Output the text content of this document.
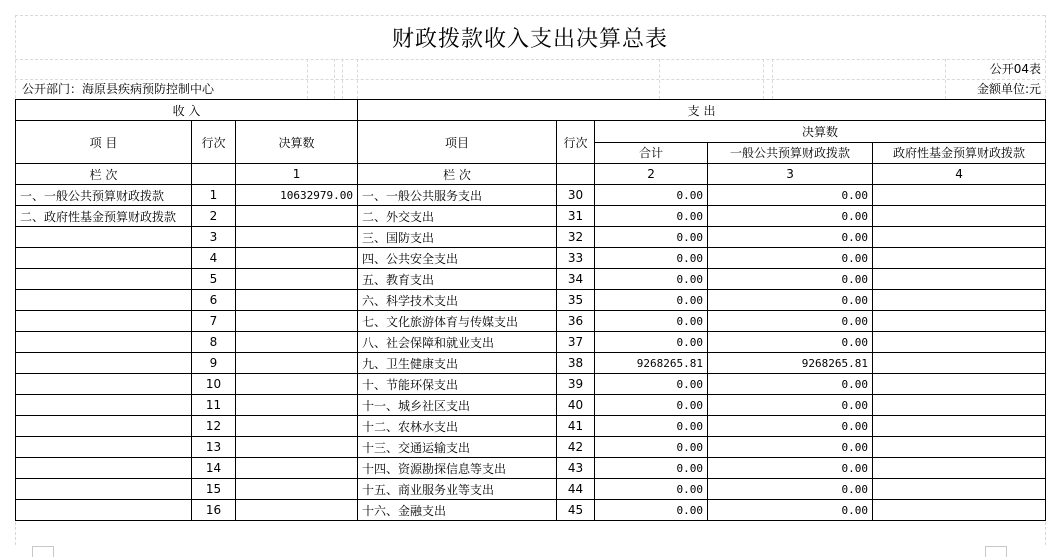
财政拨款收入支出决算总表
公开04表
公开部门：海原县疾病预防控制中心	金额单位:元
收 入			支 出				
项 目	行次	决算数	项目	行次	决算数		
					合计	一般公共预算财政拨款	政府性基金预算财政拨款
栏 次		1	栏 次		2	3	4
一、一般公共预算财政拨款	1	10632979.00	一、一般公共服务支出	30	0.00	0.00	
二、政府性基金预算财政拨款	2		二、外交支出	31	0.00	0.00	
	3		三、国防支出	32	0.00	0.00	
	4		四、公共安全支出	33	0.00	0.00	
	5		五、教育支出	34	0.00	0.00	
	6		六、科学技术支出	35	0.00	0.00	
	7		七、文化旅游体育与传媒支出	36	0.00	0.00	
	8		八、社会保障和就业支出	37	0.00	0.00	
	9		九、卫生健康支出	38	9268265.81	9268265.81	
	10		十、节能环保支出	39	0.00	0.00	
	11		十一、城乡社区支出	40	0.00	0.00	
	12		十二、农林水支出	41	0.00	0.00	
	13		十三、交通运输支出	42	0.00	0.00	
	14		十四、资源勘探信息等支出	43	0.00	0.00	
	15		十五、商业服务业等支出	44	0.00	0.00	
	16		十六、金融支出	45	0.00	0.00	
